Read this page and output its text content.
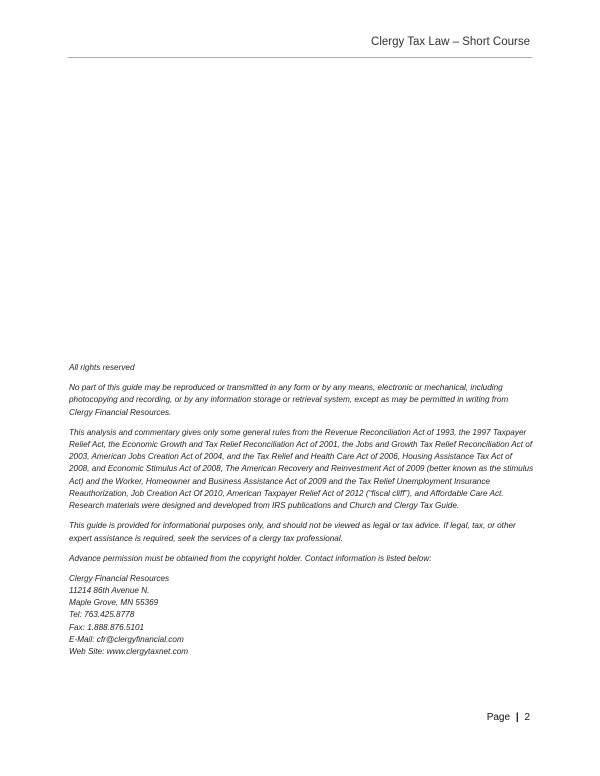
Clergy Tax Law – Short Course

All rights reserved

No part of this guide may be reproduced or transmitted in any form or by any means, electronic or mechanical, including photocopying and recording, or by any information storage or retrieval system, except as may be permitted in writing from Clergy Financial Resources.

This analysis and commentary gives only some general rules from the Revenue Reconciliation Act of 1993, the 1997 Taxpayer Relief Act, the Economic Growth and Tax Relief Reconciliation Act of 2001, the Jobs and Growth Tax Relief Reconciliation Act of 2003, American Jobs Creation Act of 2004, and the Tax Relief and Health Care Act of 2006, Housing Assistance Tax Act of 2008, and Economic Stimulus Act of 2008, The American Recovery and Reinvestment Act of 2009 (better known as the stimulus Act) and the Worker, Homeowner and Business Assistance Act of 2009 and the Tax Relief Unemployment Insurance Reauthorization, Job Creation Act Of 2010, American Taxpayer Relief Act of 2012 (“fiscal cliff”), and Affordable Care Act. Research materials were designed and developed from IRS publications and Church and Clergy Tax Guide.

This guide is provided for informational purposes only, and should not be viewed as legal or tax advice. If legal, tax, or other expert assistance is required, seek the services of a clergy tax professional.

Advance permission must be obtained from the copyright holder. Contact information is listed below:

Clergy Financial Resources
11214 86th Avenue N.
Maple Grove, MN 55369
Tel: 763.425.8778
Fax: 1.888.876.5101
E-Mail: cfr@clergyfinancial.com
Web Site: www.clergytaxnet.com
Page | 2
